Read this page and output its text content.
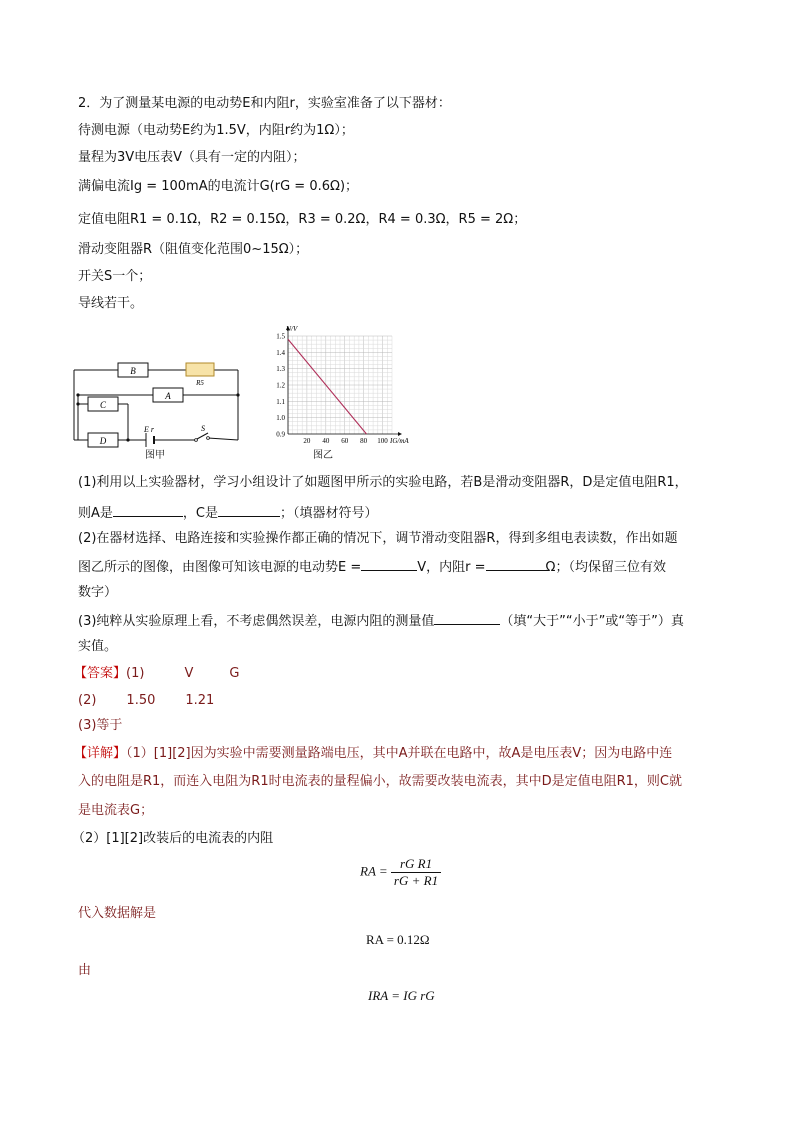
2．为了测量某电源的电动势E和内阻r，实验室准备了以下器材：
待测电源（电动势E约为1.5V，内阻r约为1Ω）；
量程为3V电压表V（具有一定的内阻）；
满偏电流Ig = 100mA的电流计G(rG = 0.6Ω)；
定值电阻R1 = 0.1Ω，R2 = 0.15Ω，R3 = 0.2Ω，R4 = 0.3Ω，R5 = 2Ω；
滑动变阻器R（阻值变化范围0~15Ω）；
开关S一个；
导线若干。
B
R5
A
C
D
E r	S
图甲
1.5
1.4
1.3
1.2
1.1
1.0
0.9
20 40 60 80 100
U/V
IG/mA
图乙
(1)利用以上实验器材，学习小组设计了如题图甲所示的实验电路，若B是滑动变阻器R，D是定值电阻R1，
则A是	，C是	；（填器材符号）
(2)在器材选择、电路连接和实验操作都正确的情况下，调节滑动变阻器R，得到多组电表读数，作出如题
图乙所示的图像，由图像可知该电源的电动势E =	V，内阻r =	Ω；（均保留三位有效
数字）
(3)纯粹从实验原理上看，不考虑偶然误差，电源内阻的测量值	（填“大于”“小于”或“等于”）真
实值。
【答案】(1)	V	G
(2) 1.50 1.21
(3)等于
【详解】（1）[1][2]因为实验中需要测量路端电压，其中A并联在电路中，故A是电压表V；因为电路中连
入的电阻是R1，而连入电阻为R1时电流表的量程偏小，故需要改装电流表，其中D是定值电阻R1，则C就
是电流表G；
（2）[1][2]改装后的电流表的内阻
RA = $\frac{\text{rG R1}}{rG + R1}$
代入数据解是
RA = 0.12Ω
由
IRA = IG rG
